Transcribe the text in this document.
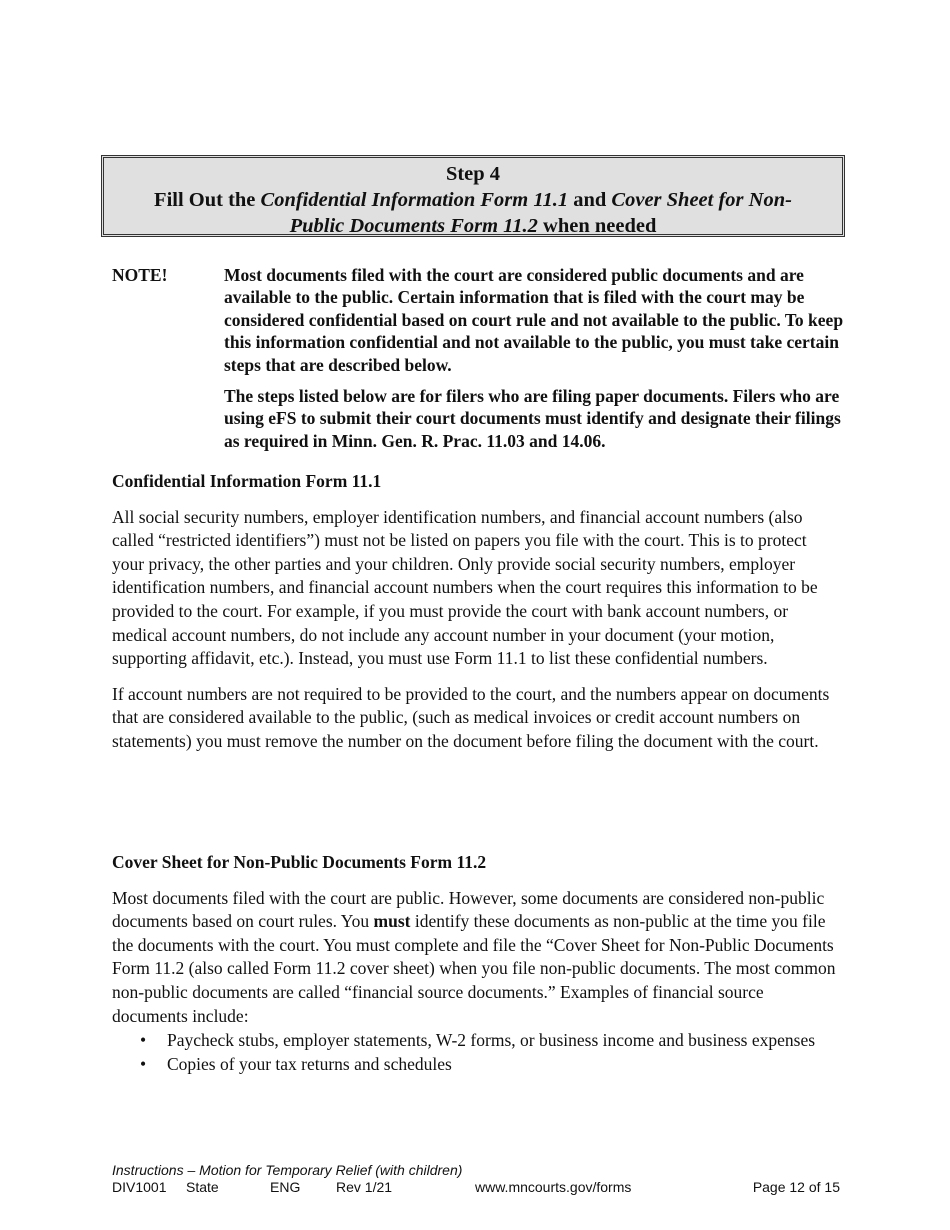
Step 4
Fill Out the Confidential Information Form 11.1 and Cover Sheet for Non-
Public Documents Form 11.2 when needed
NOTE!	Most documents filed with the court are considered public documents and are available to the public. Certain information that is filed with the court may be considered confidential based on court rule and not available to the public. To keep this information confidential and not available to the public, you must take certain steps that are described below.

The steps listed below are for filers who are filing paper documents. Filers who are using eFS to submit their court documents must identify and designate their filings as required in Minn. Gen. R. Prac. 11.03 and 14.06.

Confidential Information Form 11.1

All social security numbers, employer identification numbers, and financial account numbers (also called “restricted identifiers”) must not be listed on papers you file with the court. This is to protect your privacy, the other parties and your children. Only provide social security numbers, employer identification numbers, and financial account numbers when the court requires this information to be provided to the court. For example, if you must provide the court with bank account numbers, or medical account numbers, do not include any account number in your document (your motion, supporting affidavit, etc.). Instead, you must use Form 11.1 to list these confidential numbers.

If account numbers are not required to be provided to the court, and the numbers appear on documents that are considered available to the public, (such as medical invoices or credit account numbers on statements) you must remove the number on the document before filing the document with the court.

Cover Sheet for Non-Public Documents Form 11.2

Most documents filed with the court are public. However, some documents are considered non-public documents based on court rules. You must identify these documents as non-public at the time you file the documents with the court. You must complete and file the “Cover Sheet for Non-Public Documents Form 11.2 (also called Form 11.2 cover sheet) when you file non-public documents. The most common non-public documents are called “financial source documents.” Examples of financial source documents include:

• Paycheck stubs, employer statements, W-2 forms, or business income and business expenses
• Copies of your tax returns and schedules
Instructions – Motion for Temporary Relief (with children)
DIV1001 State	ENG	Rev 1/21	www.mncourts.gov/forms	Page 12 of 15
